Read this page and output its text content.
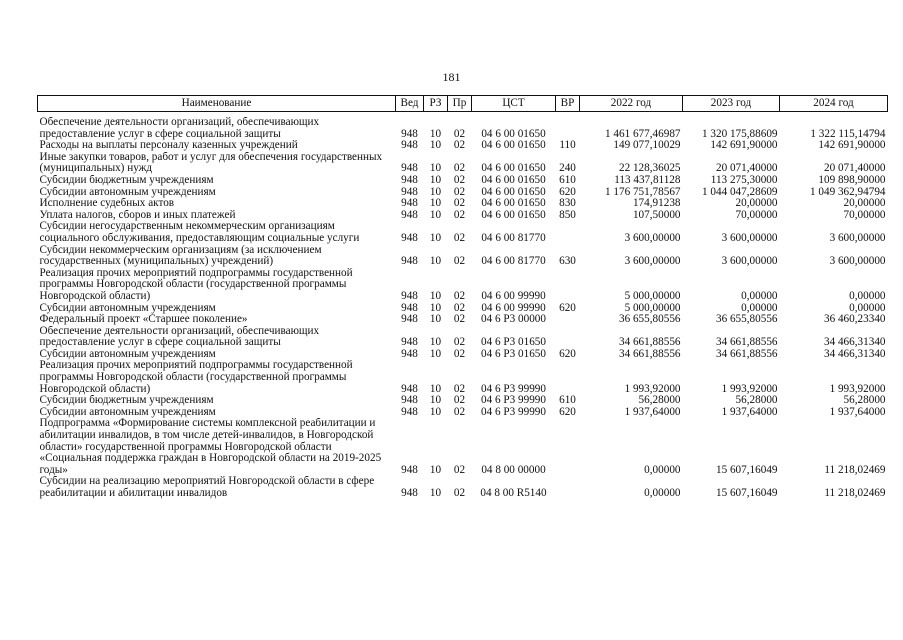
181
Наименование	Вед	РЗ	Пр	ЦСТ	ВР	2022 год	2023 год	2024 год

Обеспечение деятельности организаций, обеспечивающих предоставление услуг в сфере социальной защиты	948	10	02	04 6 00 01650		1 461 677,46987	1 320 175,88609	1 322 115,14794
Расходы на выплаты персоналу казенных учреждений	948	10	02	04 6 00 01650	110	149 077,10029	142 691,90000	142 691,90000
Иные закупки товаров, работ и услуг для обеспечения государственных (муниципальных) нужд	948	10	02	04 6 00 01650	240	22 128,36025	20 071,40000	20 071,40000
Субсидии бюджетным учреждениям	948	10	02	04 6 00 01650	610	113 437,81128	113 275,30000	109 898,90000
Субсидии автономным учреждениям	948	10	02	04 6 00 01650	620	1 176 751,78567	1 044 047,28609	1 049 362,94794
Исполнение судебных актов	948	10	02	04 6 00 01650	830	174,91238	20,00000	20,00000
Уплата налогов, сборов и иных платежей	948	10	02	04 6 00 01650	850	107,50000	70,00000	70,00000
Субсидии негосударственным некоммерческим организациям социального обслуживания, предоставляющим социальные услуги	948	10	02	04 6 00 81770		3 600,00000	3 600,00000	3 600,00000
Субсидии некоммерческим организациям (за исключением государственных (муниципальных) учреждений)	948	10	02	04 6 00 81770	630	3 600,00000	3 600,00000	3 600,00000
Реализация прочих мероприятий подпрограммы государственной программы Новгородской области (государственной программы Новгородской области)	948	10	02	04 6 00 99990		5 000,00000	0,00000	0,00000
Субсидии автономным учреждениям	948	10	02	04 6 00 99990	620	5 000,00000	0,00000	0,00000
Федеральный проект «Старшее поколение»	948	10	02	04 6 P3 00000		36 655,80556	36 655,80556	36 460,23340
Обеспечение деятельности организаций, обеспечивающих предоставление услуг в сфере социальной защиты	948	10	02	04 6 P3 01650		34 661,88556	34 661,88556	34 466,31340
Субсидии автономным учреждениям	948	10	02	04 6 P3 01650	620	34 661,88556	34 661,88556	34 466,31340
Реализация прочих мероприятий подпрограммы государственной программы Новгородской области (государственной программы Новгородской области)	948	10	02	04 6 P3 99990		1 993,92000	1 993,92000	1 993,92000
Субсидии бюджетным учреждениям	948	10	02	04 6 P3 99990	610	56,28000	56,28000	56,28000
Субсидии автономным учреждениям	948	10	02	04 6 P3 99990	620	1 937,64000	1 937,64000	1 937,64000
Подпрограмма «Формирование системы комплексной реабилитации и абилитации инвалидов, в том числе детей-инвалидов, в Новгородской области» государственной программы Новгородской области «Социальная поддержка граждан в Новгородской области на 2019-2025 годы»	948	10	02	04 8 00 00000		0,00000	15 607,16049	11 218,02469
Субсидии на реализацию мероприятий Новгородской области в сфере реабилитации и абилитации инвалидов	948	10	02	04 8 00 R5140		0,00000	15 607,16049	11 218,02469
